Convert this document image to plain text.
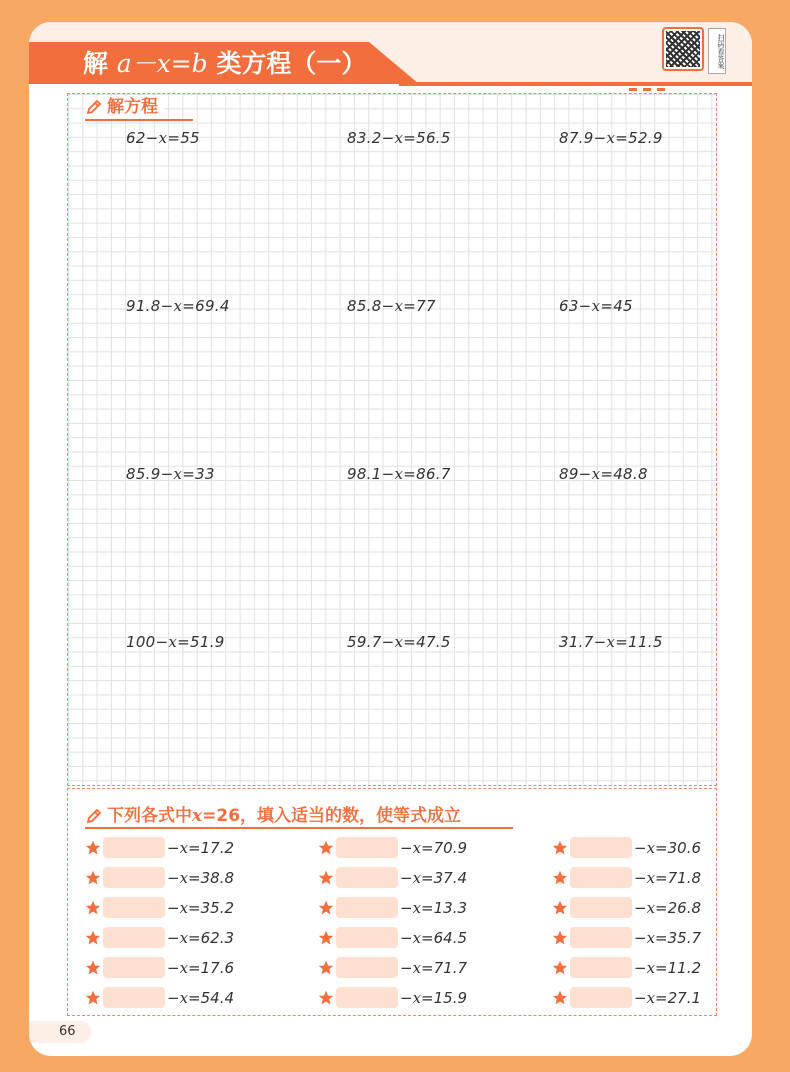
解 a－x=b 类方程（一）	扫码看答案
解方程
62−x=55	83.2−x=56.5	87.9−x=52.9
91.8−x=69.4	85.8−x=77	63−x=45
85.9−x=33	98.1−x=86.7	89−x=48.8
100−x=51.9	59.7−x=47.5	31.7−x=11.5
下列各式中x=26，填入适当的数，使等式成立
−x=17.2	−x=70.9	−x=30.6
−x=38.8	−x=37.4	−x=71.8
−x=35.2	−x=13.3	−x=26.8
−x=62.3	−x=64.5	−x=35.7
−x=17.6	−x=71.7	−x=11.2
−x=54.4	−x=15.9	−x=27.1
66
